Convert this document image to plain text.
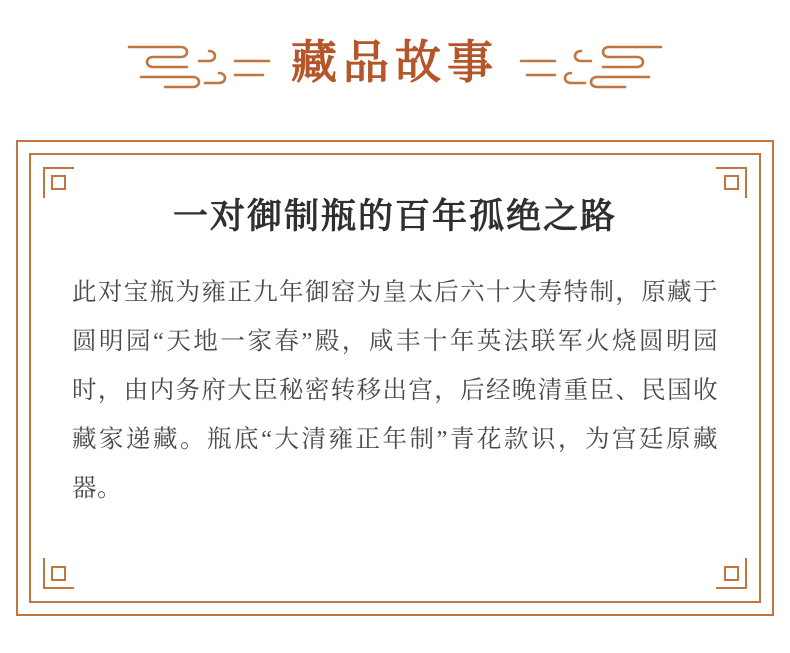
藏品故事
一对御制瓶的百年孤绝之路
此对宝瓶为雍正九年御窑为皇太后六十大寿特制，原藏于圆明园“天地一家春”殿，咸丰十年英法联军火烧圆明园时，由内务府大臣秘密转移出宫，后经晚清重臣、民国收藏家递藏。瓶底“大清雍正年制”青花款识，为宫廷原藏器。
